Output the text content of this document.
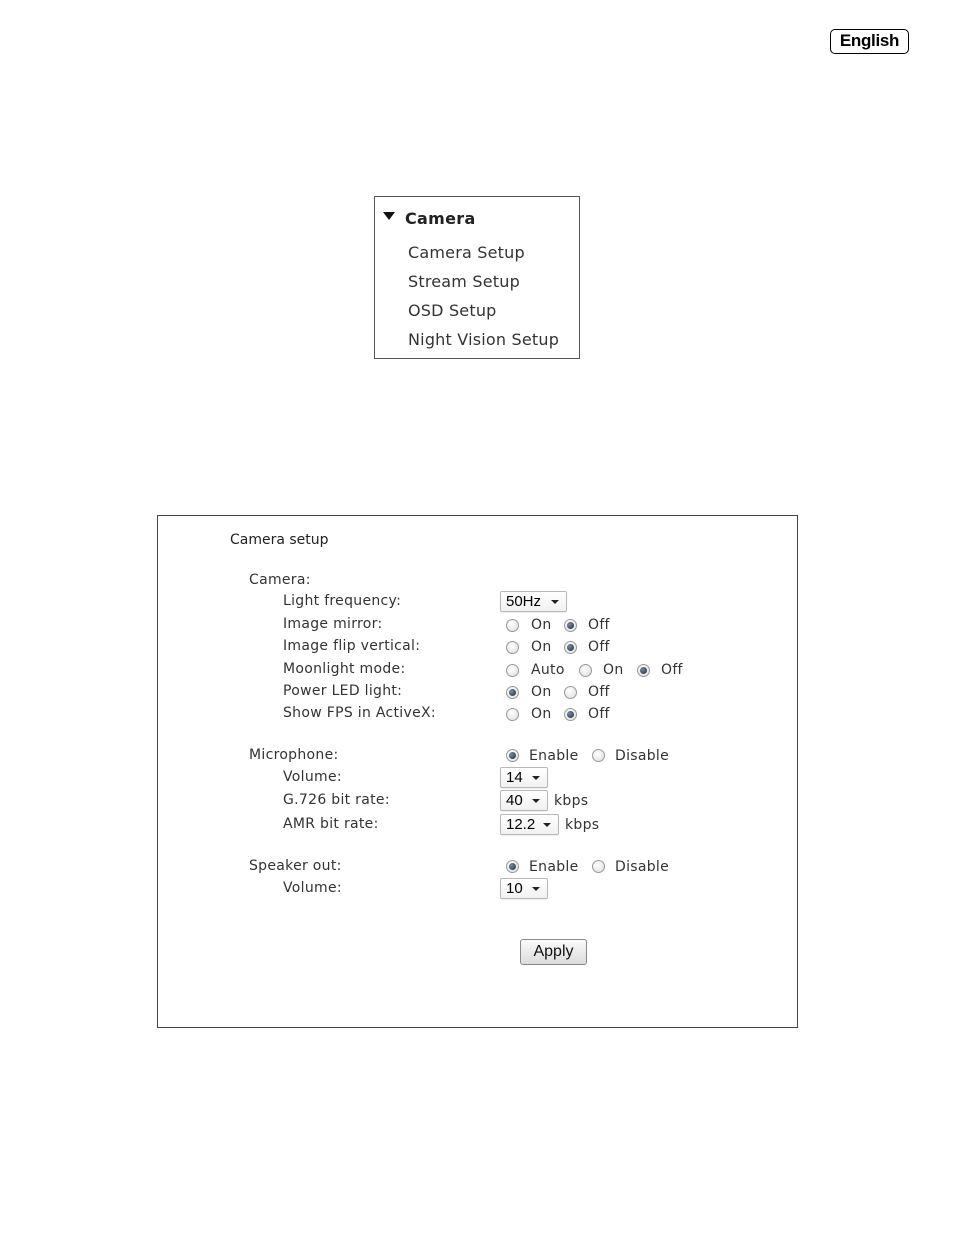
English
Camera
Camera Setup
Stream Setup
OSD Setup
Night Vision Setup
Camera setup
Camera:
Light frequency:	50Hz
Image mirror:	On	Off
Image flip vertical:	On	Off
Moonlight mode:	Auto	On	Off
Power LED light:	On	Off
Show FPS in ActiveX:	On	Off
Microphone:	Enable	Disable
Volume:	14
G.726 bit rate:	40	kbps
AMR bit rate:	12.2	kbps
Speaker out:	Enable	Disable
Volume:	10
Apply
